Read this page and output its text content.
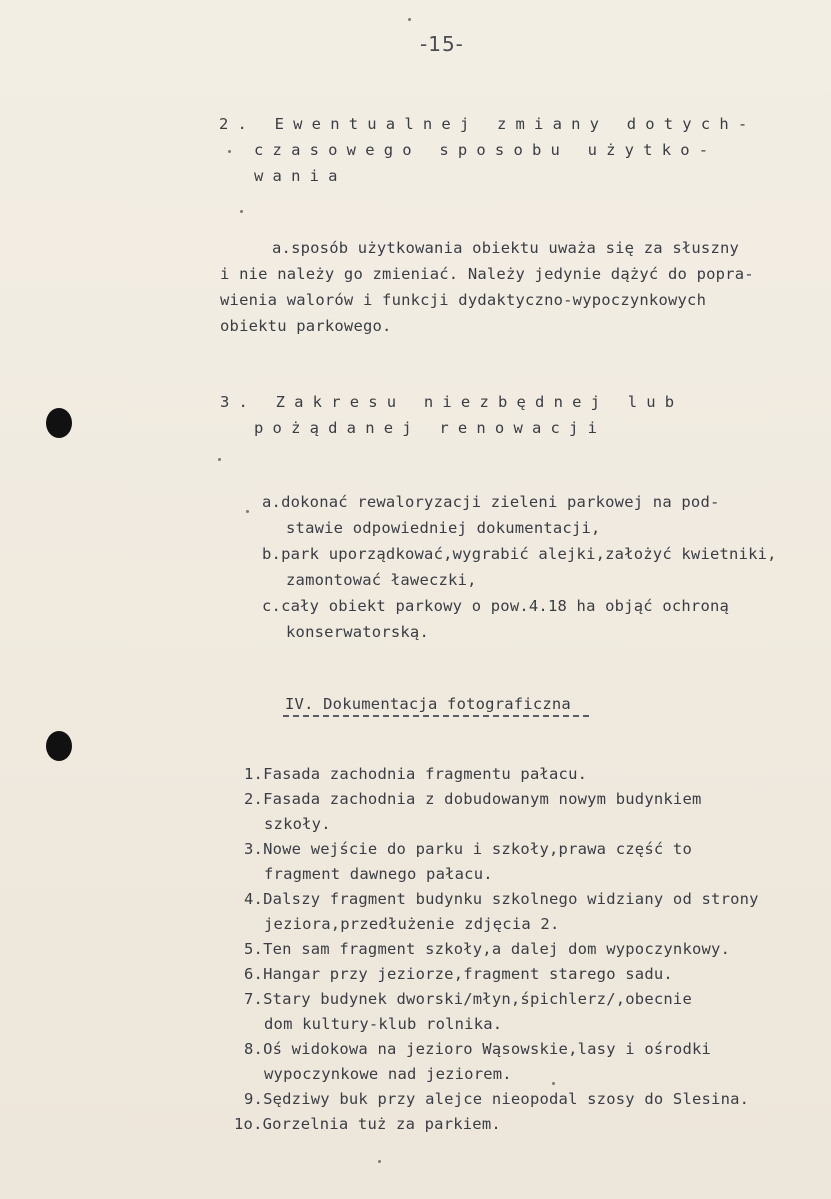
-15-
2. Ewentualnej zmiany dotych-
czasowego sposobu użytko-
wania
a.sposób użytkowania obiektu uważa się za słuszny
i nie należy go zmieniać. Należy jedynie dążyć do popra-
wienia walorów i funkcji dydaktyczno-wypoczynkowych
obiektu parkowego.
3. Zakresu niezbędnej lub
pożądanej renowacji
a.dokonać rewaloryzacji zieleni parkowej na pod-
stawie odpowiedniej dokumentacji,
b.park uporządkować,wygrabić alejki,założyć kwietniki,
zamontować ławeczki,
c.cały obiekt parkowy o pow.4.18 ha objąć ochroną
konserwatorską.
IV. Dokumentacja fotograficzna
1.Fasada zachodnia fragmentu pałacu.
2.Fasada zachodnia z dobudowanym nowym budynkiem
szkoły.
3.Nowe wejście do parku i szkoły,prawa część to
fragment dawnego pałacu.
4.Dalszy fragment budynku szkolnego widziany od strony
jeziora,przedłużenie zdjęcia 2.
5.Ten sam fragment szkoły,a dalej dom wypoczynkowy.
6.Hangar przy jeziorze,fragment starego sadu.
7.Stary budynek dworski/młyn,śpichlerz/,obecnie
dom kultury-klub rolnika.
8.Oś widokowa na jezioro Wąsowskie,lasy i ośrodki
wypoczynkowe nad jeziorem.
9.Sędziwy buk przy alejce nieopodal szosy do Slesina.
1o.Gorzelnia tuż za parkiem.
